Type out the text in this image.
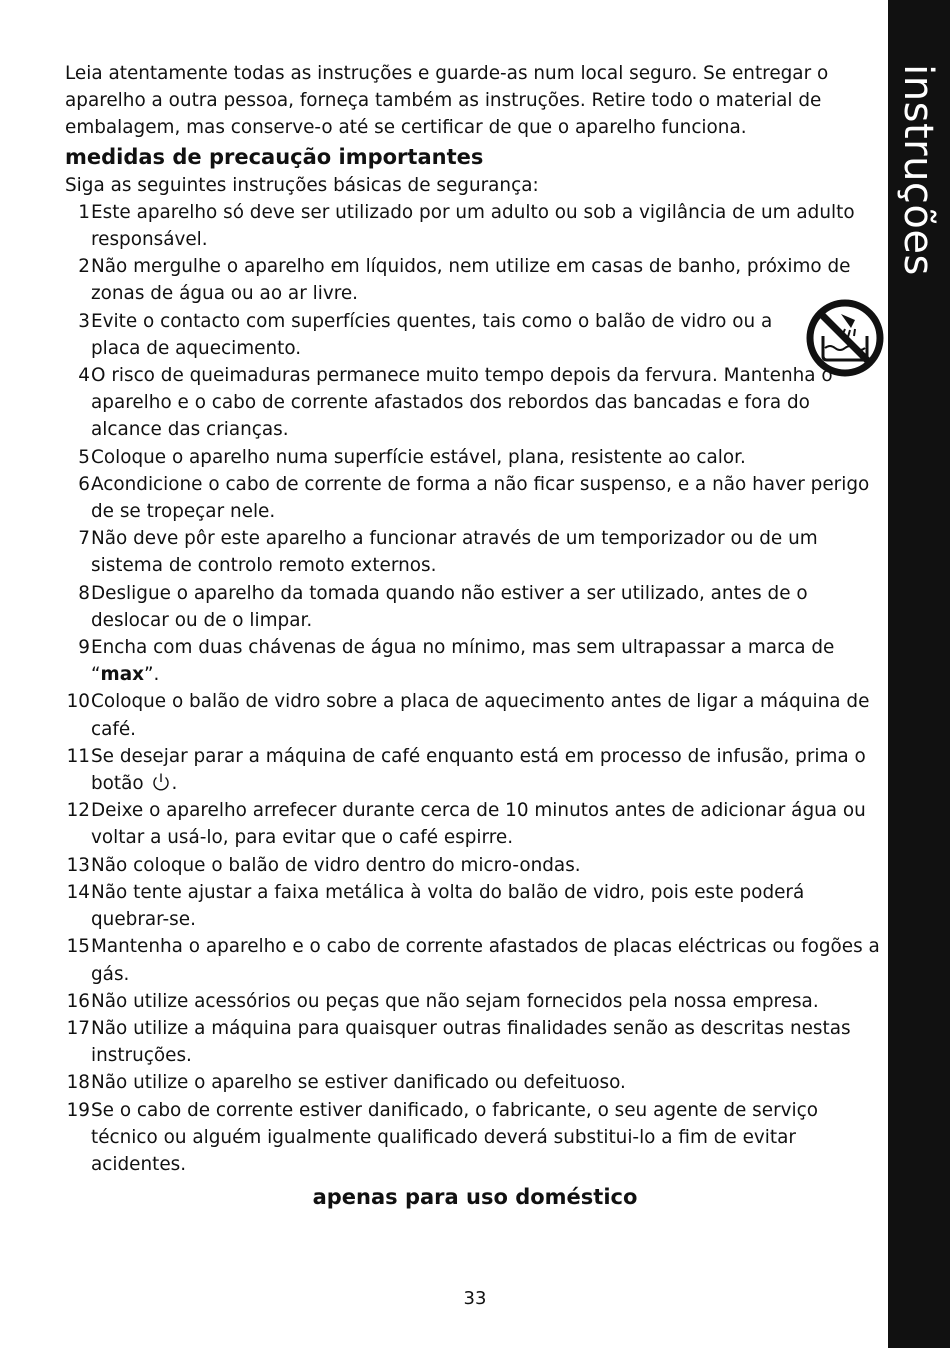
instruções

Leia atentamente todas as instruções e guarde-as num local seguro. Se entregar o aparelho a outra pessoa, forneça também as instruções. Retire todo o material de embalagem, mas conserve-o até se certificar de que o aparelho funciona.

medidas de precaução importantes

Siga as seguintes instruções básicas de segurança:

1 Este aparelho só deve ser utilizado por um adulto ou sob a vigilância de um adulto responsável.
2 Não mergulhe o aparelho em líquidos, nem utilize em casas de banho, próximo de zonas de água ou ao ar livre.
3 Evite o contacto com superfícies quentes, tais como o balão de vidro ou a placa de aquecimento.
4 O risco de queimaduras permanece muito tempo depois da fervura. Mantenha o aparelho e o cabo de corrente afastados dos rebordos das bancadas e fora do alcance das crianças.
5 Coloque o aparelho numa superfície estável, plana, resistente ao calor.
6 Acondicione o cabo de corrente de forma a não ficar suspenso, e a não haver perigo de se tropeçar nele.
7 Não deve pôr este aparelho a funcionar através de um temporizador ou de um sistema de controlo remoto externos.
8 Desligue o aparelho da tomada quando não estiver a ser utilizado, antes de o deslocar ou de o limpar.
9 Encha com duas chávenas de água no mínimo, mas sem ultrapassar a marca de “max”.
10 Coloque o balão de vidro sobre a placa de aquecimento antes de ligar a máquina de café.
11 Se desejar parar a máquina de café enquanto está em processo de infusão, prima o botão .
12 Deixe o aparelho arrefecer durante cerca de 10 minutos antes de adicionar água ou voltar a usá-lo, para evitar que o café espirre.
13 Não coloque o balão de vidro dentro do micro-ondas.
14 Não tente ajustar a faixa metálica à volta do balão de vidro, pois este poderá quebrar-se.
15 Mantenha o aparelho e o cabo de corrente afastados de placas eléctricas ou fogões a gás.
16 Não utilize acessórios ou peças que não sejam fornecidos pela nossa empresa.
17 Não utilize a máquina para quaisquer outras finalidades senão as descritas nestas instruções.
18 Não utilize o aparelho se estiver danificado ou defeituoso.
19 Se o cabo de corrente estiver danificado, o fabricante, o seu agente de serviço técnico ou alguém igualmente qualificado deverá substitui-lo a fim de evitar acidentes.
apenas para uso doméstico
33
